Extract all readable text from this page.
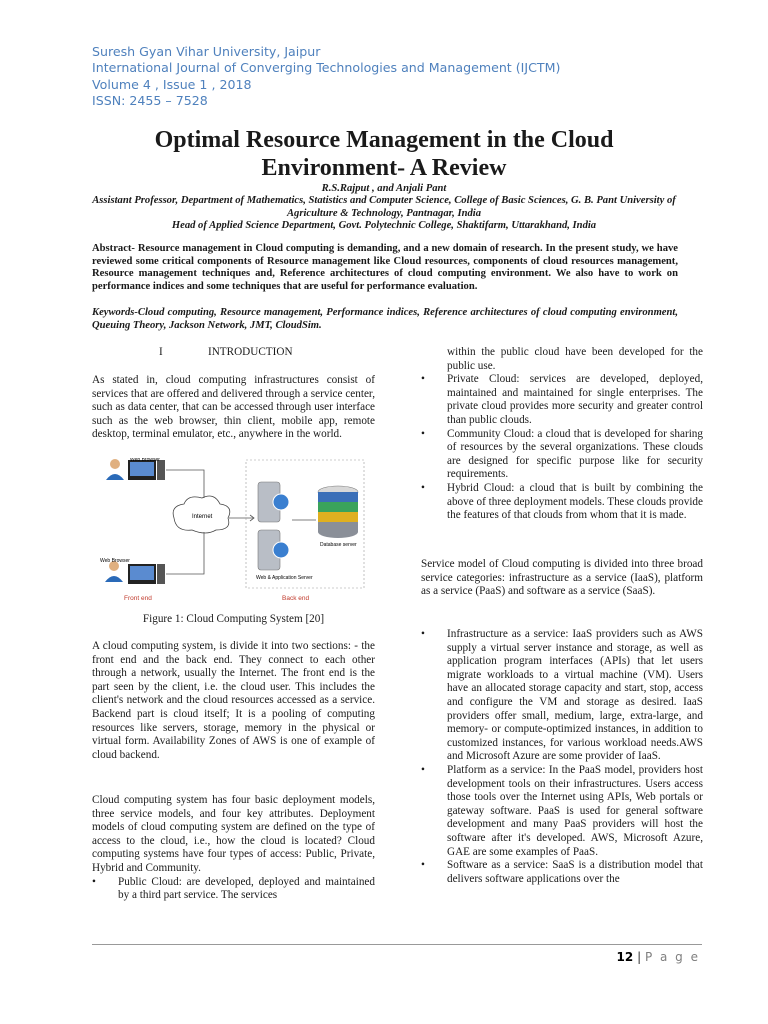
Suresh Gyan Vihar University, Jaipur
International Journal of Converging Technologies and Management (IJCTM)
Volume 4 , Issue 1 , 2018
ISSN: 2455 – 7528
Optimal Resource Management in the Cloud
Environment- A Review
R.S.Rajput , and Anjali Pant
Assistant Professor, Department of Mathematics, Statistics and Computer Science, College of Basic Sciences, G. B. Pant University of Agriculture & Technology, Pantnagar, India
Head of Applied Science Department, Govt. Polytechnic College, Shaktifarm, Uttarakhand, India
Abstract- Resource management in Cloud computing is demanding, and a new domain of research. In the present study, we have reviewed some critical components of Resource management like Cloud resources, components of cloud resources management, Resource management techniques and, Reference architectures of cloud computing environment. We also have to work on performance indices and some techniques that are useful for performance evaluation.
Keywords-Cloud computing, Resource management, Performance indices, Reference architectures of cloud computing environment, Queuing Theory, Jackson Network, JMT, CloudSim.
I	INTRODUCTION

As stated in, cloud computing infrastructures consist of services that are offered and delivered through a service center, such as data center, that can be accessed through user interface such as the web browser, thin client, mobile app, remote desktop, terminal emulator, etc., anywhere in the world.

Web Browser
Web Browser
Internet
Database server
Web & Application Server
Front end	Back end
Figure 1: Cloud Computing System [20]

A cloud computing system, is divide it into two sections: - the front end and the back end. They connect to each other through a network, usually the Internet. The front end is the part seen by the client, i.e. the cloud user. This includes the client's network and the cloud resources accessed as a service. Backend part is cloud itself; It is a pooling of computing resources like servers, storage, memory in the physical or virtual form. Availability Zones of AWS is one of example of cloud backend.

Cloud computing system has four basic deployment models, three service models, and four key attributes. Deployment models of cloud computing system are defined on the type of access to the cloud, i.e., how the cloud is located? Cloud computing systems have four types of access: Public, Private, Hybrid and Community.

• Public Cloud: are developed, deployed and maintained by a third part service. The services
within the public cloud have been developed for the public use.
• Private Cloud: services are developed, deployed, maintained and maintained for single enterprises. The private cloud provides more security and greater control than public clouds.
• Community Cloud: a cloud that is developed for sharing of resources by the several organizations. These clouds are designed for specific purpose like for security requirements.
• Hybrid Cloud: a cloud that is built by combining the above of three deployment models. These clouds provide the features of that clouds from whom that it is made.

Service model of Cloud computing is divided into three broad service categories: infrastructure as a service (IaaS), platform as a service (PaaS) and software as a service (SaaS).

• Infrastructure as a service: IaaS providers such as AWS supply a virtual server instance and storage, as well as application program interfaces (APIs) that let users migrate workloads to a virtual machine (VM). Users have an allocated storage capacity and start, stop, access and configure the VM and storage as desired. IaaS providers offer small, medium, large, extra-large, and memory- or compute-optimized instances, in addition to customized instances, for various workload needs.AWS and Microsoft Azure are some provider of IaaS.
• Platform as a service: In the PaaS model, providers host development tools on their infrastructures. Users access those tools over the Internet using APIs, Web portals or gateway software. PaaS is used for general software development and many PaaS providers will host the software after it's developed. AWS, Microsoft Azure, GAE are some examples of PaaS.
• Software as a service: SaaS is a distribution model that delivers software applications over the
12 | P a g e
